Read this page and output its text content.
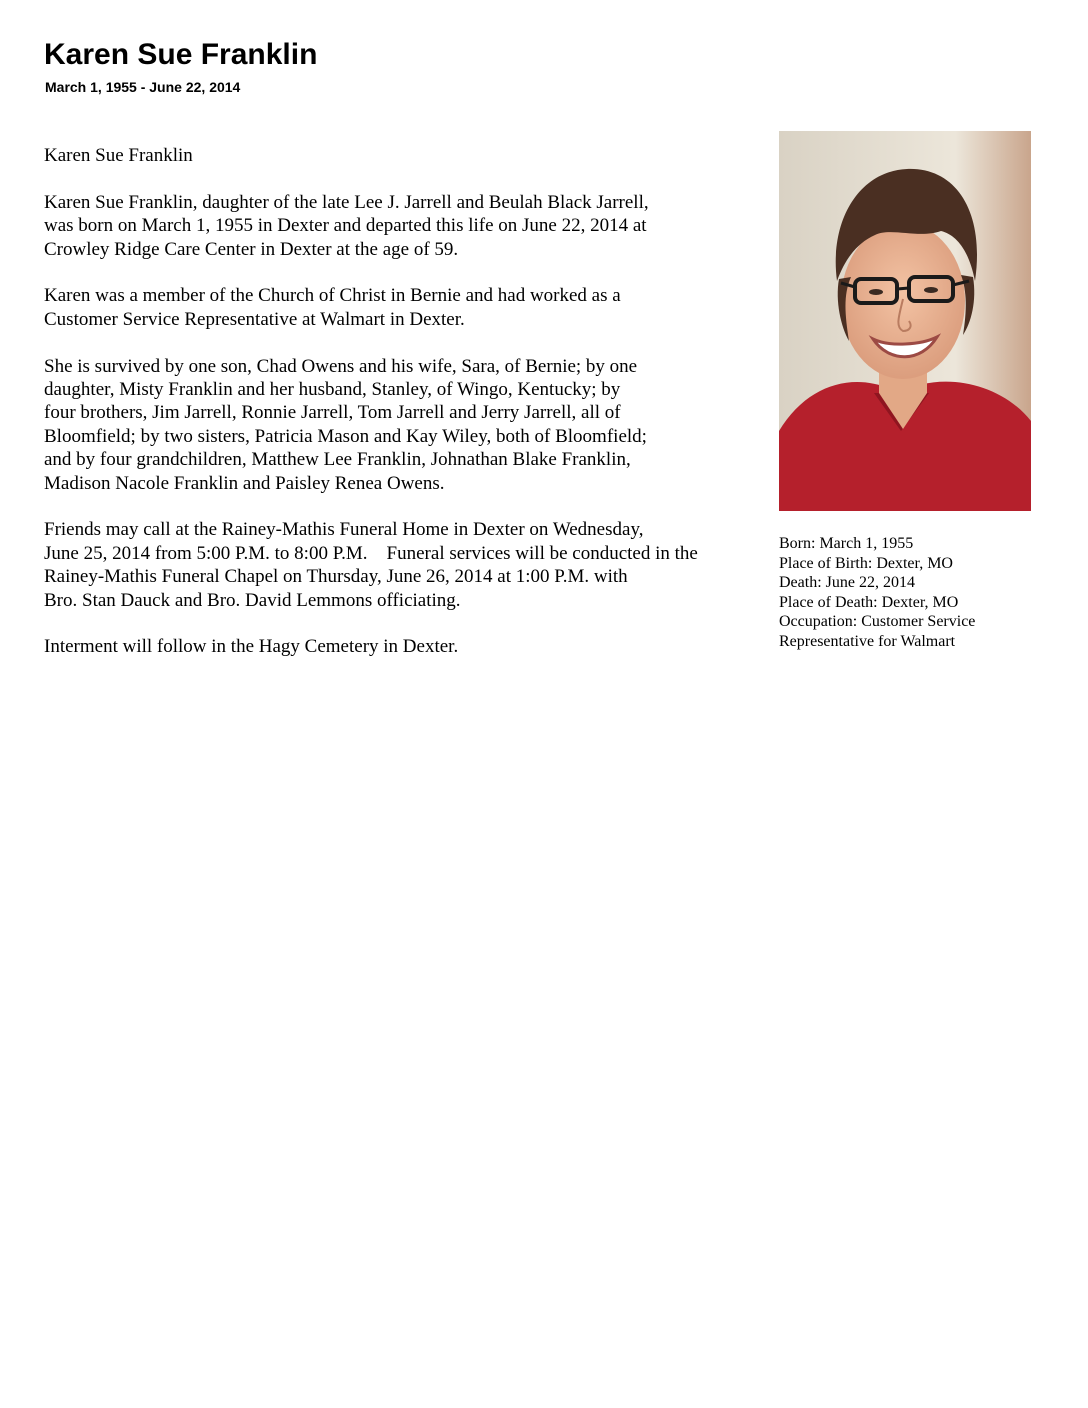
Karen Sue Franklin
March 1, 1955 - June 22, 2014

Karen Sue Franklin

Karen Sue Franklin, daughter of the late Lee J. Jarrell and Beulah Black Jarrell,
was born on March 1, 1955 in Dexter and departed this life on June 22, 2014 at
Crowley Ridge Care Center in Dexter at the age of 59.

Karen was a member of the Church of Christ in Bernie and had worked as a
Customer Service Representative at Walmart in Dexter.

She is survived by one son, Chad Owens and his wife, Sara, of Bernie; by one
daughter, Misty Franklin and her husband, Stanley, of Wingo, Kentucky; by
four brothers, Jim Jarrell, Ronnie Jarrell, Tom Jarrell and Jerry Jarrell, all of
Bloomfield; by two sisters, Patricia Mason and Kay Wiley, both of Bloomfield;
and by four grandchildren, Matthew Lee Franklin, Johnathan Blake Franklin,
Madison Nacole Franklin and Paisley Renea Owens.

Friends may call at the Rainey-Mathis Funeral Home in Dexter on Wednesday,
June 25, 2014 from 5:00 P.M. to 8:00 P.M.    Funeral services will be conducted in the
Rainey-Mathis Funeral Chapel on Thursday, June 26, 2014 at 1:00 P.M. with
Bro. Stan Dauck and Bro. David Lemmons officiating.

Interment will follow in the Hagy Cemetery in Dexter.

Born: March 1, 1955
Place of Birth: Dexter, MO
Death: June 22, 2014
Place of Death: Dexter, MO
Occupation: Customer Service
Representative for Walmart
